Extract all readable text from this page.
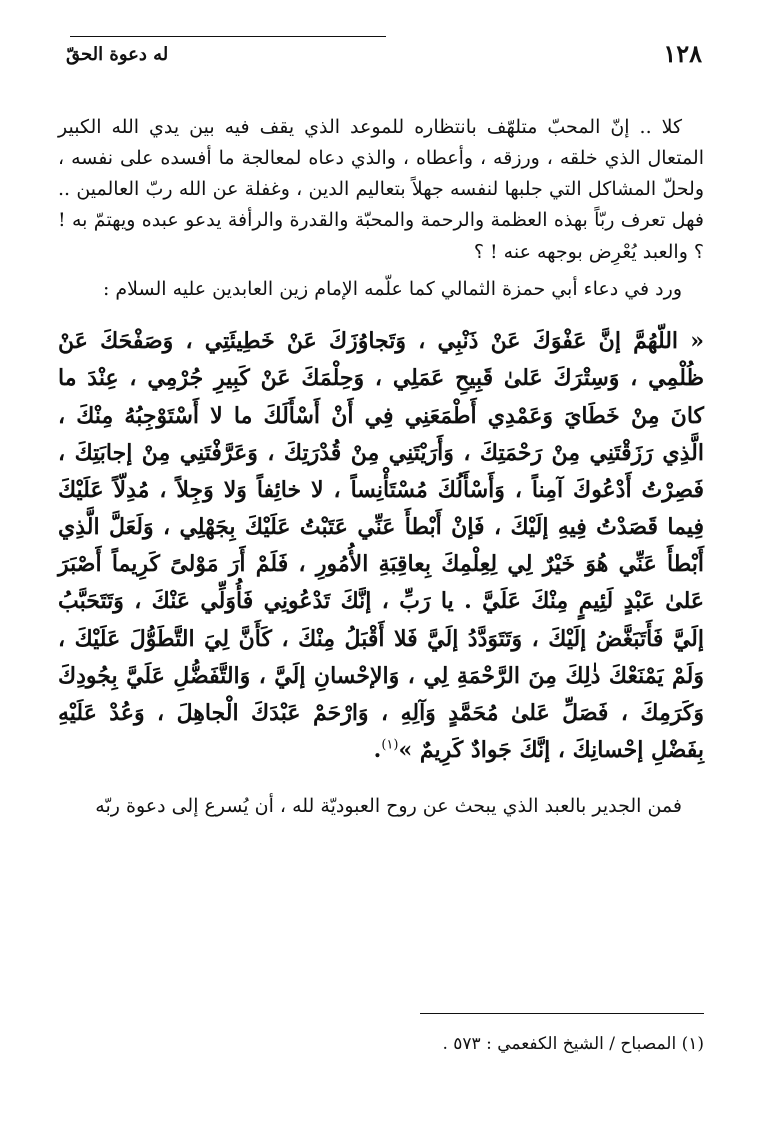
١٢٨
له دعوة الحقّ

كلا .. إنّ المحبّ متلهّف بانتظاره للموعد الذي يقف فيه بين يدي الله الكبير المتعال الذي خلقه ، ورزقه ، وأعطاه ، والذي دعاه لمعالجة ما أفسده على نفسه ، ولحلّ المشاكل التي جلبها لنفسه جهلاً بتعاليم الدين ، وغفلة عن الله ربّ العالمين .. فهل تعرف ربّاً بهذه العظمة والرحمة والمحبّة والقدرة والرأفة يدعو عبده ويهتمّ به ! ؟ والعبد يُعْرِض بوجهه عنه ! ؟

ورد في دعاء أبي حمزة الثمالي كما علّمه الإمام زين العابدين عليه السلام :

« اللّهُمَّ إنَّ عَفْوَكَ عَنْ ذَنْبِي ، وَتَجاوُزَكَ عَنْ خَطِيئَتِي ، وَصَفْحَكَ عَنْ ظُلْمِي ، وَسِتْرَكَ عَلىٰ قَبِيحِ عَمَلِي ، وَحِلْمَكَ عَنْ كَبِيرِ جُرْمِي ، عِنْدَ ما كانَ مِنْ خَطَايَ وَعَمْدِي أَطْمَعَنِي فِي أَنْ أَسْأَلَكَ ما لا أَسْتَوْجِبُهُ مِنْكَ ، الَّذِي رَزَقْتَنِي مِنْ رَحْمَتِكَ ، وَأَرَيْتَنِي مِنْ قُدْرَتِكَ ، وَعَرَّفْتَنِي مِنْ إجابَتِكَ ، فَصِرْتُ أَدْعُوكَ آمِناً ، وَأَسْأَلُكَ مُسْتَأْنِساً ، لا خائِفاً وَلا وَجِلاً ، مُدِلّاً عَلَيْكَ فِيما قَصَدْتُ فِيهِ إلَيْكَ ، فَإنْ أَبْطأَ عَنِّي عَتَبْتُ عَلَيْكَ بِجَهْلِي ، وَلَعَلَّ الَّذِي أَبْطأَ عَنِّي هُوَ خَيْرٌ لِي لِعِلْمِكَ بِعاقِبَةِ الأُمُورِ ، فَلَمْ أَرَ مَوْلىً كَرِيماً أَصْبَرَ عَلىٰ عَبْدٍ لَئِيمٍ مِنْكَ عَلَيَّ . يا رَبِّ ، إنَّكَ تَدْعُونِي فَأُوَلِّي عَنْكَ ، وَتَتَحَبَّبُ إلَيَّ فَأَتَبَغَّضُ إلَيْكَ ، وَتَتَوَدَّدُ إلَيَّ فَلا أَقْبَلُ مِنْكَ ، كَأَنَّ لِيَ التَّطَوُّلَ عَلَيْكَ ، وَلَمْ يَمْنَعْكَ ذٰلِكَ مِنَ الرَّحْمَةِ لِي ، وَالإحْسانِ إلَيَّ ، وَالتَّفَضُّلِ عَلَيَّ بِجُودِكَ وَكَرَمِكَ ، فَصَلِّ عَلىٰ مُحَمَّدٍ وَآلِهِ ، وَارْحَمْ عَبْدَكَ الْجاهِلَ ، وَعُدْ عَلَيْهِ بِفَضْلِ إحْسانِكَ ، إنَّكَ جَوادٌ كَرِيمٌ »$^{(١)}$.

فمن الجدير بالعبد الذي يبحث عن روح العبوديّة لله ، أن يُسرع إلى دعوة ربّه

(١) المصباح / الشيخ الكفعمي : ٥٧٣ .
